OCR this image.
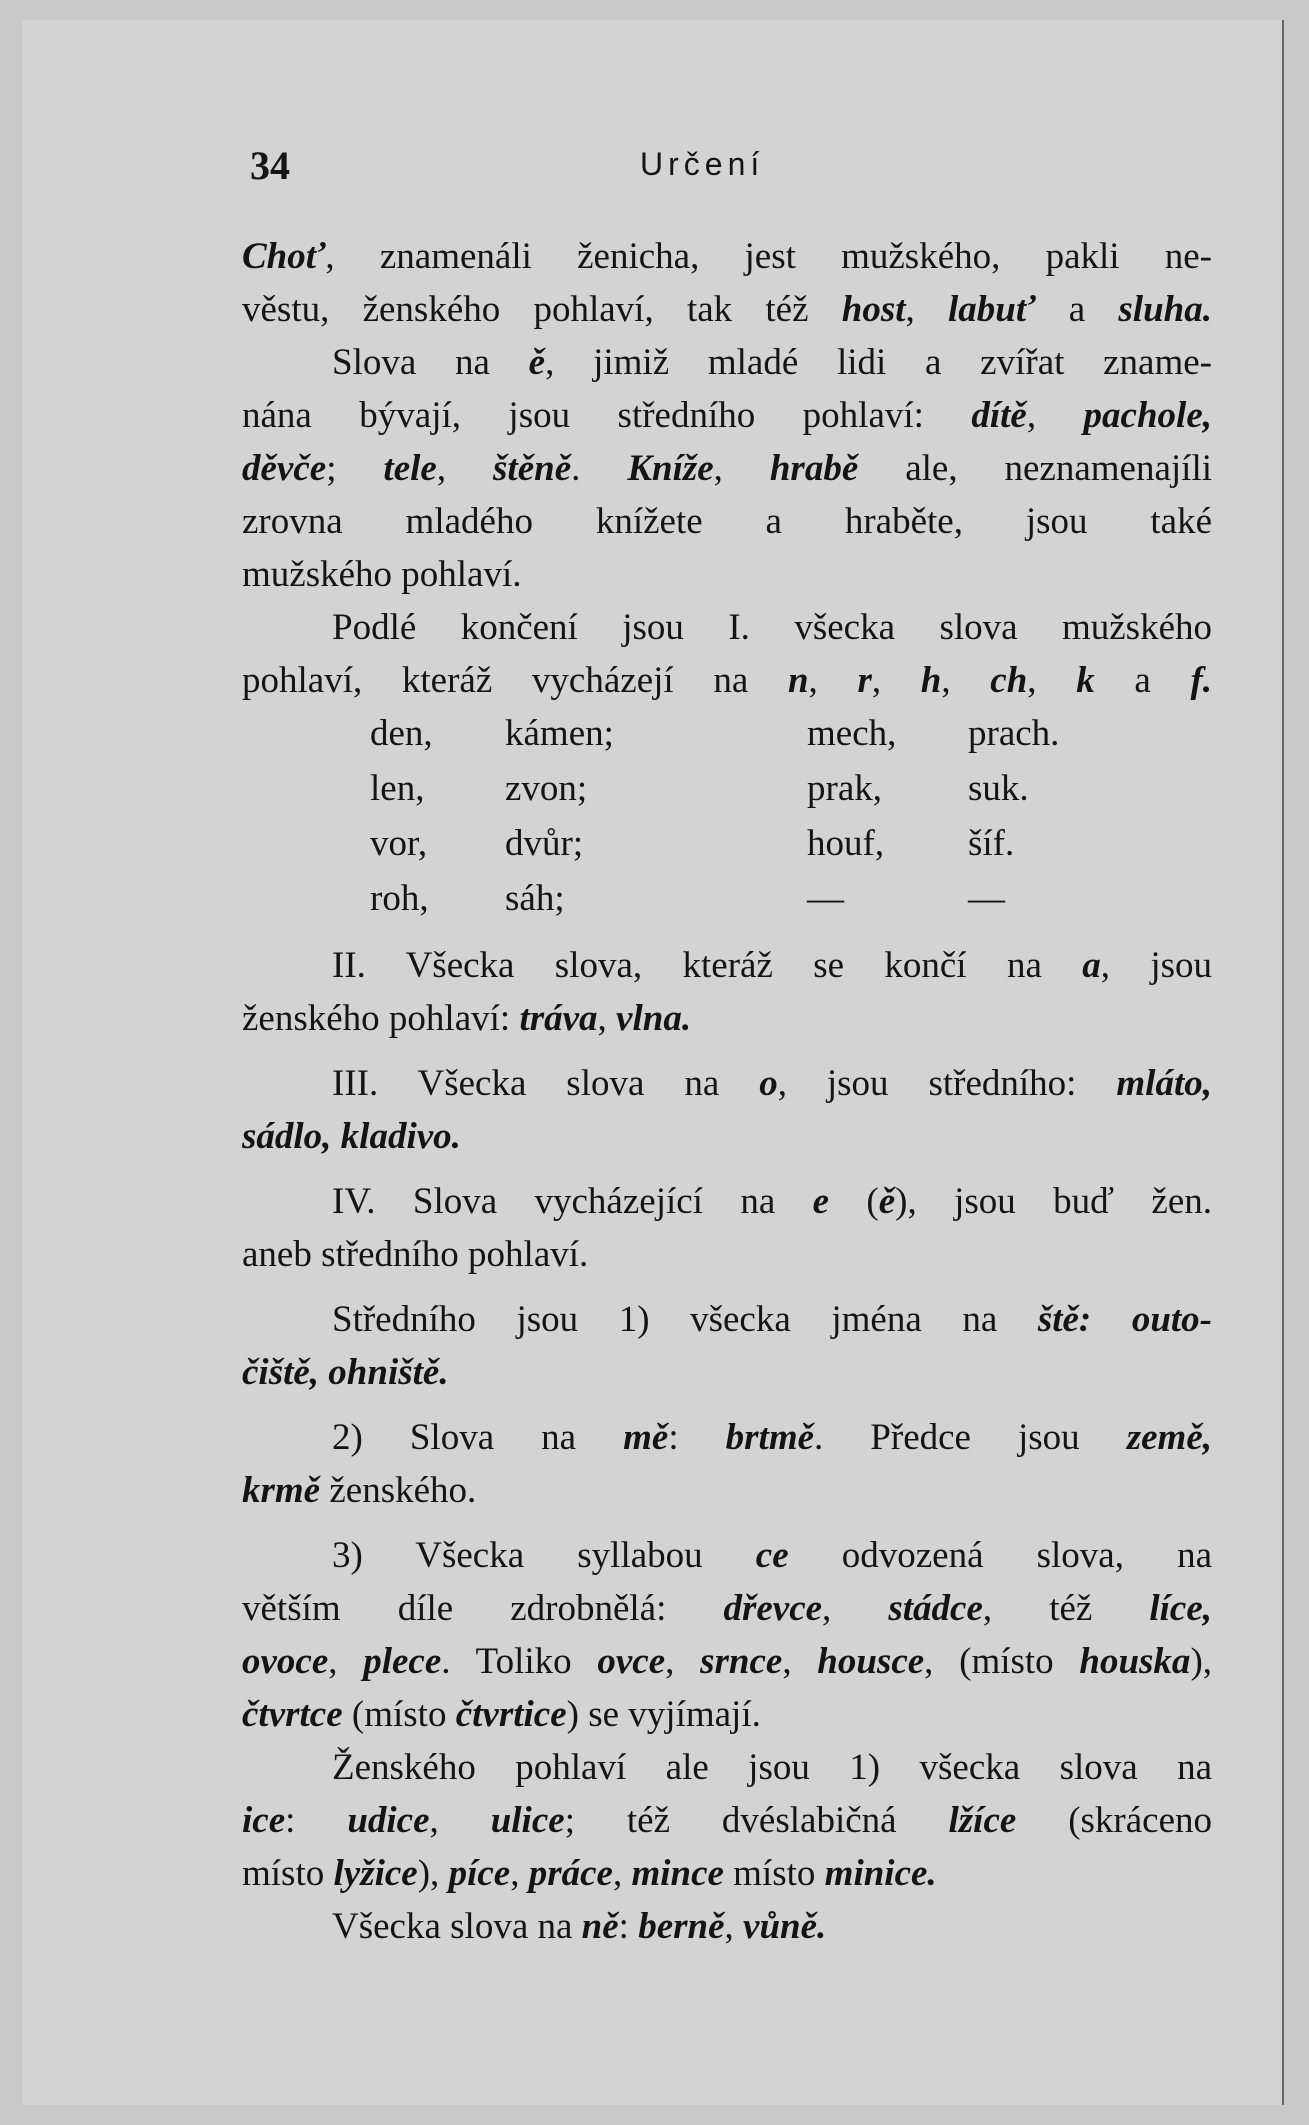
34	Určení
Choť, znamenáli ženicha, jest mužského, pakli ne-
věstu, ženského pohlaví, tak též host, labuť a sluha.
Slova na ě, jimiž mladé lidi a zvířat zname-
nána bývají, jsou středního pohlaví: dítě, pachole,
děvče; tele, štěně. Kníže, hrabě ale, neznamenajíli
zrovna mladého knížete a hraběte, jsou také
mužského pohlaví.
Podlé končení jsou I. všecka slova mužského
pohlaví, kteráž vycházejí na n, r, h, ch, k a f.
den, kámen;	mech, prach.
len, zvon;	prak, suk.
vor, dvůr;	houf, šíf.
roh, sáh;	—	—
II. Všecka slova, kteráž se končí na a, jsou
ženského pohlaví: tráva, vlna.
III. Všecka slova na o, jsou středního: mláto,
sádlo, kladivo.
IV. Slova vycházející na e (ě), jsou buď žen.
aneb středního pohlaví.
Středního jsou 1) všecka jména na ště: outo-
čiště, ohniště.
2) Slova na mě: brtmě. Předce jsou země,
krmě ženského.
3) Všecka syllabou ce odvozená slova, na
větším díle zdrobnělá: dřevce, stádce, též líce,
ovoce, plece. Toliko ovce, srnce, housce, (místo houska),
čtvrtce (místo čtvrtice) se vyjímají.
Ženského pohlaví ale jsou 1) všecka slova na
ice: udice, ulice; též dvéslabičná lžíce (skráceno
místo lyžice), píce, práce, mince místo minice.
Všecka slova na ně: berně, vůně.
